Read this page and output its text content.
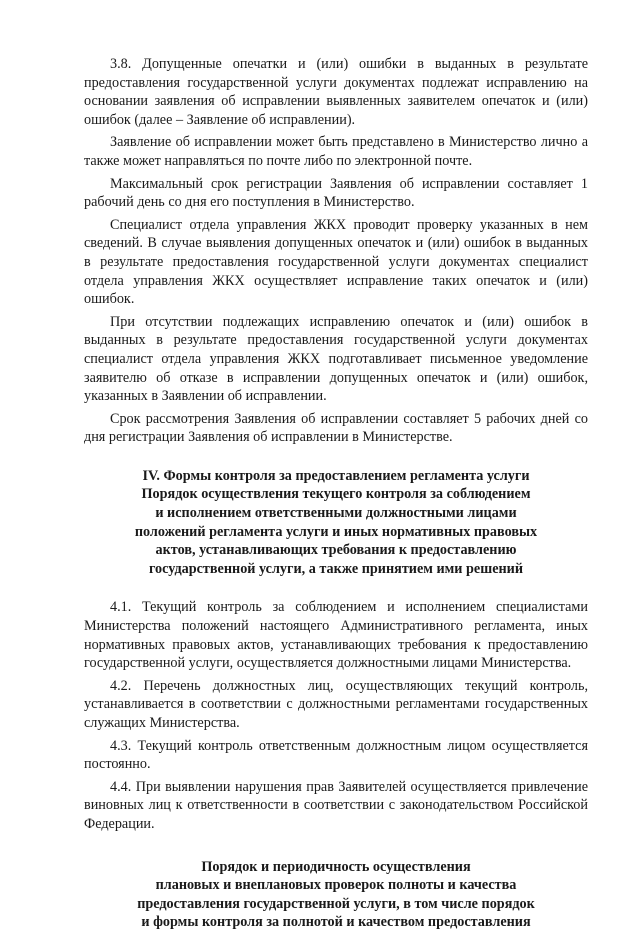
3.8. Допущенные опечатки и (или) ошибки в выданных в результате предоставления государственной услуги документах подлежат исправлению на основании заявления об исправлении выявленных заявителем опечаток и (или) ошибок (далее – Заявление об исправлении).

Заявление об исправлении может быть представлено в Министерство лично а также может направляться по почте либо по электронной почте.

Максимальный срок регистрации Заявления об исправлении составляет 1 рабочий день со дня его поступления в Министерство.

Специалист отдела управления ЖКХ проводит проверку указанных в нем сведений. В случае выявления допущенных опечаток и (или) ошибок в выданных в результате предоставления государственной услуги документах специалист отдела управления ЖКХ осуществляет исправление таких опечаток и (или) ошибок.

При отсутствии подлежащих исправлению опечаток и (или) ошибок в выданных в результате предоставления государственной услуги документах специалист отдела управления ЖКХ подготавливает письменное уведомление заявителю об отказе в исправлении допущенных опечаток и (или) ошибок, указанных в Заявлении об исправлении.

Срок рассмотрения Заявления об исправлении составляет 5 рабочих дней со дня регистрации Заявления об исправлении в Министерстве.

IV. Формы контроля за предоставлением регламента услуги
Порядок осуществления текущего контроля за соблюдением
и исполнением ответственными должностными лицами
положений регламента услуги и иных нормативных правовых
актов, устанавливающих требования к предоставлению
государственной услуги, а также принятием ими решений

4.1. Текущий контроль за соблюдением и исполнением специалистами Министерства положений настоящего Административного регламента, иных нормативных правовых актов, устанавливающих требования к предоставлению государственной услуги, осуществляется должностными лицами Министерства.

4.2. Перечень должностных лиц, осуществляющих текущий контроль, устанавливается в соответствии с должностными регламентами государственных служащих Министерства.

4.3. Текущий контроль ответственным должностным лицом осуществляется постоянно.

4.4. При выявлении нарушения прав Заявителей осуществляется привлечение виновных лиц к ответственности в соответствии с законодательством Российской Федерации.

Порядок и периодичность осуществления
плановых и внеплановых проверок полноты и качества
предоставления государственной услуги, в том числе порядок
и формы контроля за полнотой и качеством предоставления
